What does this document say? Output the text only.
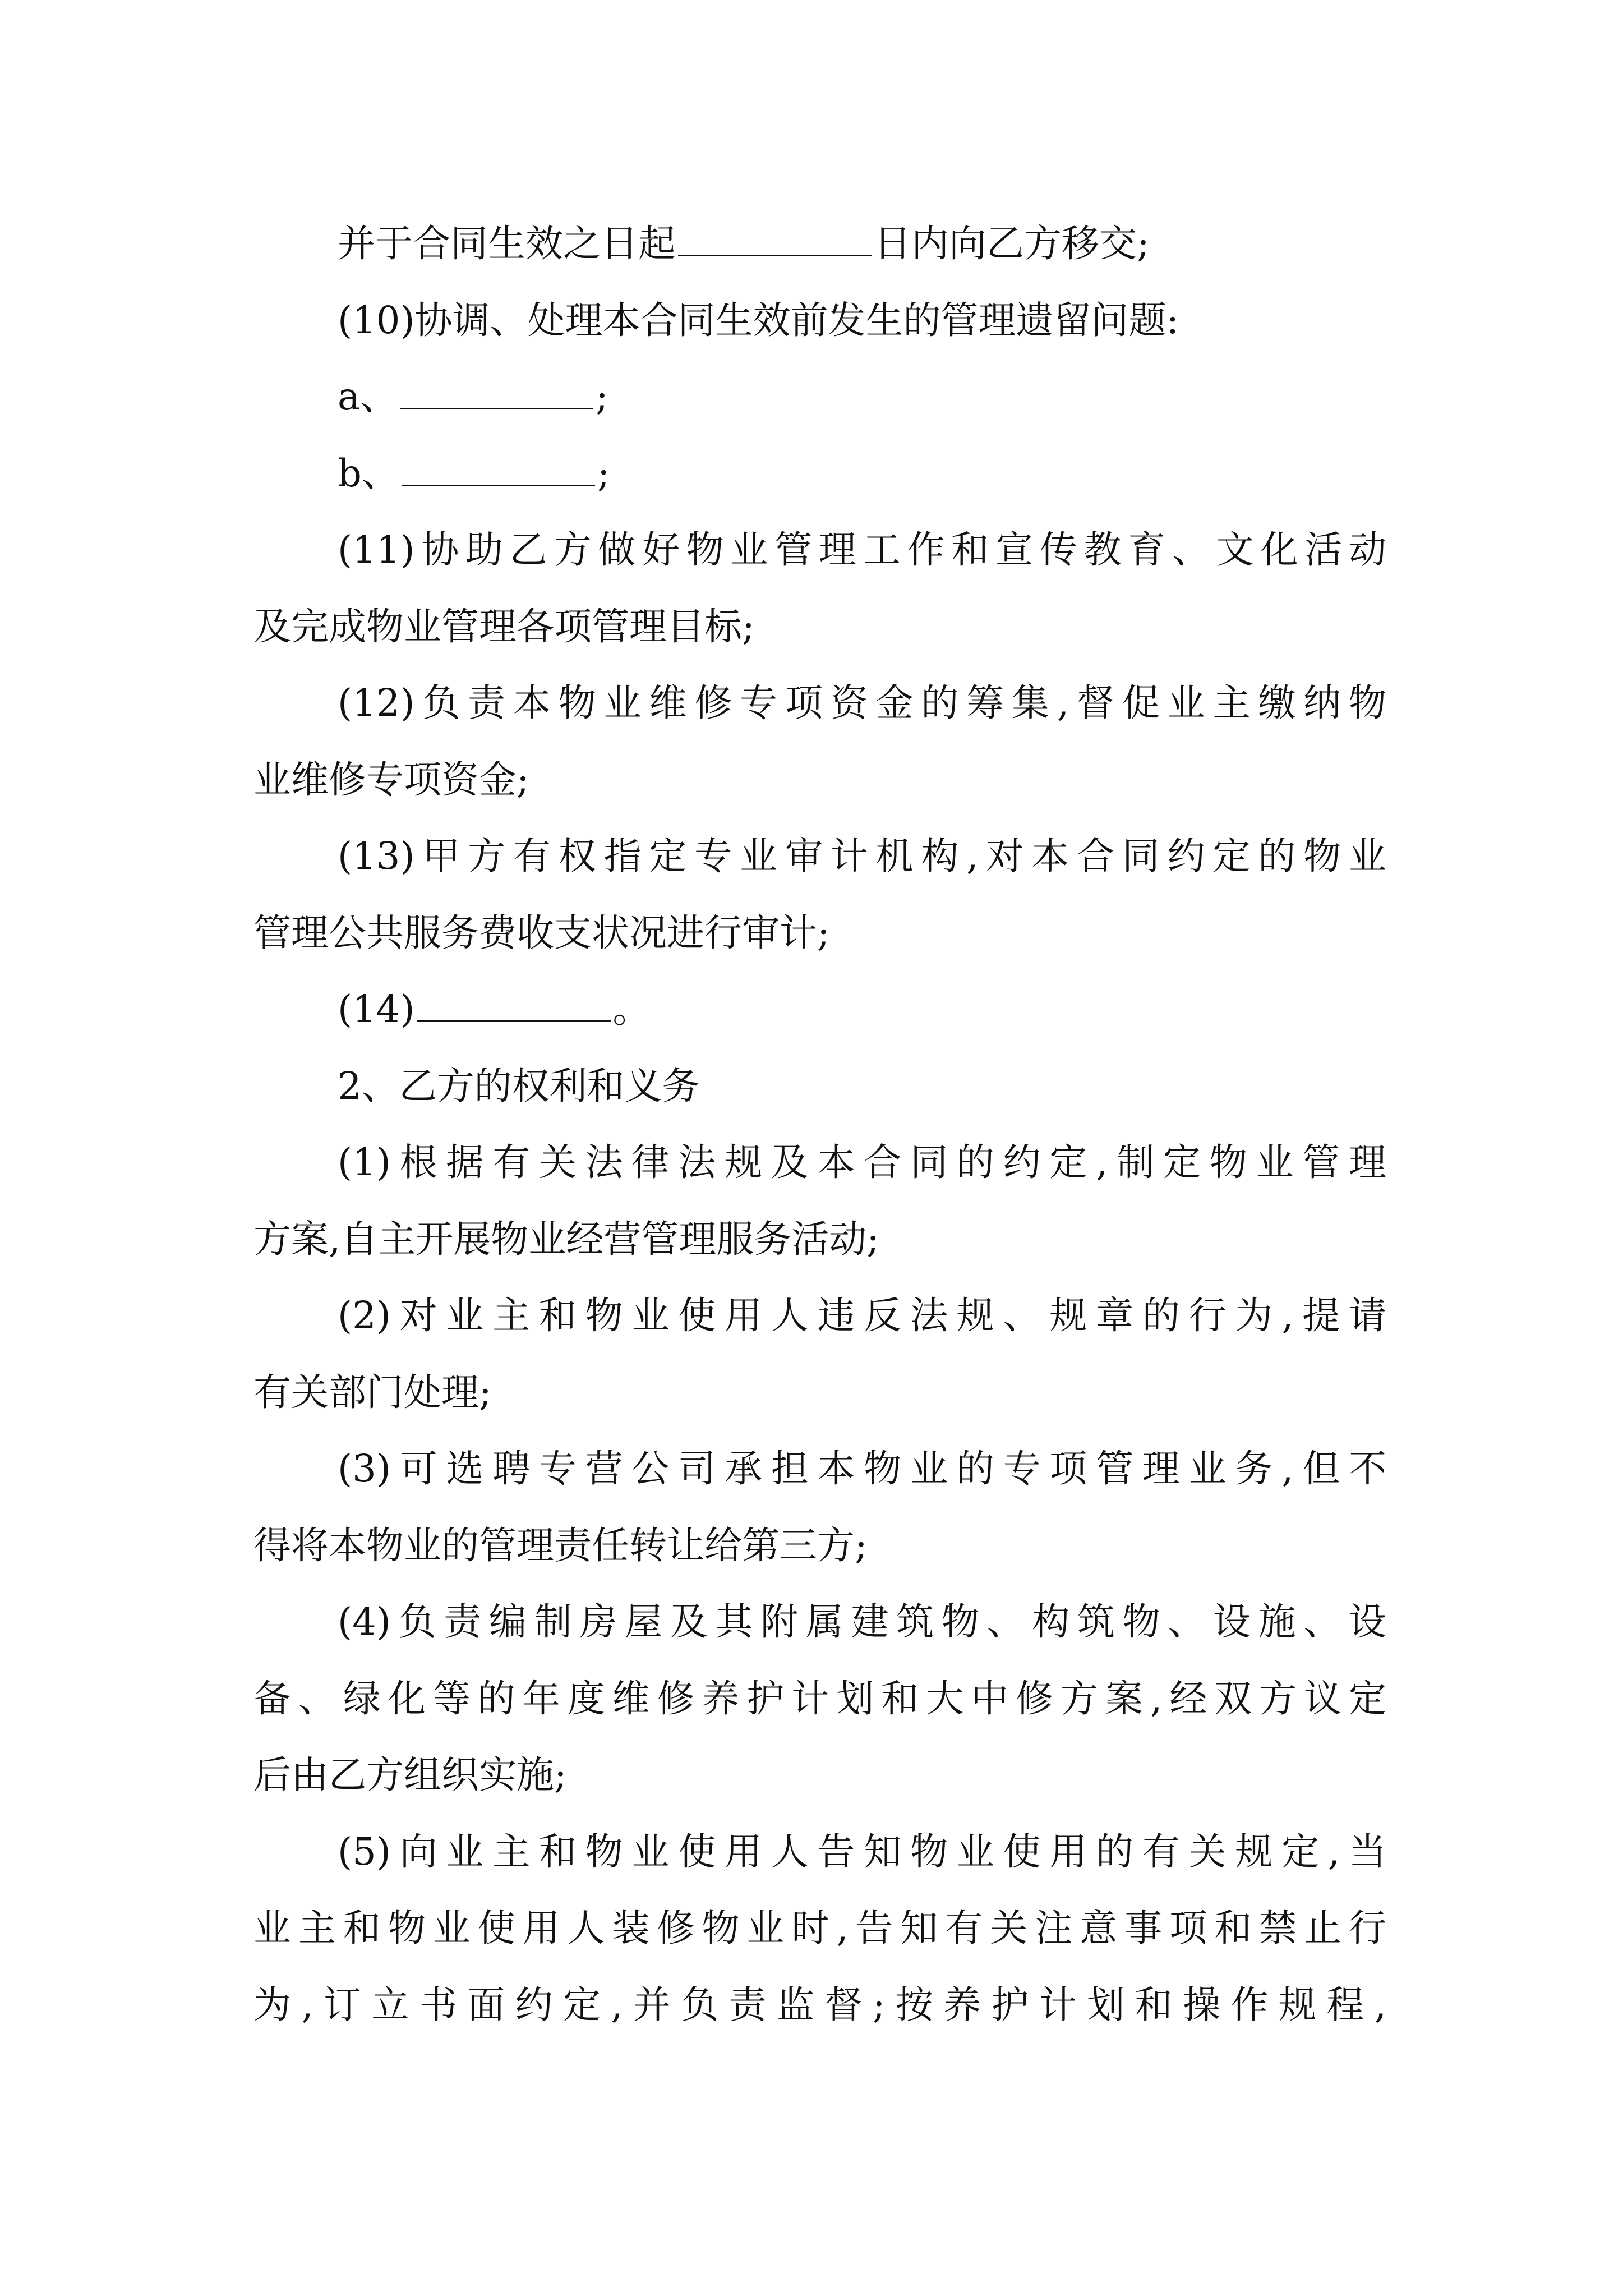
并于合同生效之日起	日内向乙方移交;
(10)协调、处理本合同生效前发生的管理遗留问题:
a、	;
b、	;
(11)协助乙方做好物业管理工作和宣传教育、文化活动
及完成物业管理各项管理目标;
(12)负责本物业维修专项资金的筹集,督促业主缴纳物
业维修专项资金;
(13)甲方有权指定专业审计机构,对本合同约定的物业
管理公共服务费收支状况进行审计;
(14)	。
2、乙方的权利和义务
(1)根据有关法律法规及本合同的约定,制定物业管理
方案,自主开展物业经营管理服务活动;
(2)对业主和物业使用人违反法规、规章的行为,提请
有关部门处理;
(3)可选聘专营公司承担本物业的专项管理业务,但不
得将本物业的管理责任转让给第三方;
(4)负责编制房屋及其附属建筑物、构筑物、设施、设
备、绿化等的年度维修养护计划和大中修方案,经双方议定
后由乙方组织实施;
(5)向业主和物业使用人告知物业使用的有关规定,当
业主和物业使用人装修物业时,告知有关注意事项和禁止行
为,订立书面约定,并负责监督;按养护计划和操作规程,
